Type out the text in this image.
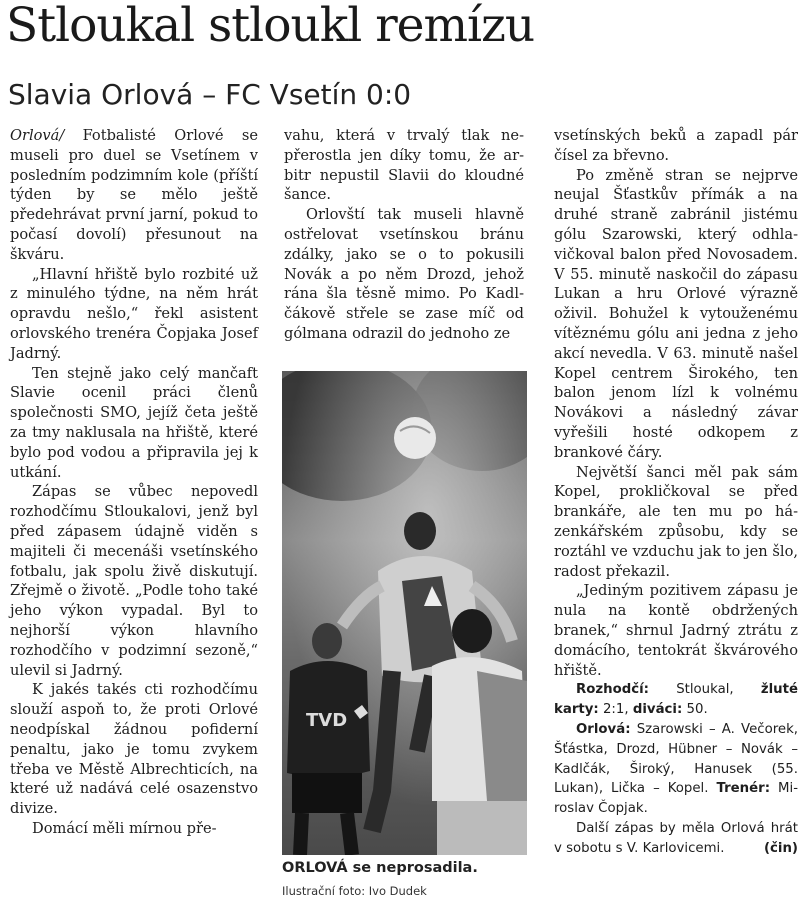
Stloukal stloukl remízu
Slavia Orlová – FC Vsetín 0:0

Orlová/ Fotbalisté Orlové se museli pro duel se Vsetínem v posledním podzimním kole (příští týden by se mělo ještě předehrávat první jarní, pokud to počasí dovolí) přesunout na škváru.

„Hlavní hřiště bylo rozbité už z minulého týdne, na něm hrát opravdu nešlo,“ řekl asistent orlovského trenéra Čopjaka Josef Jadrný.

Ten stejně jako celý mančaft Slavie ocenil práci členů společnosti SMO, jejíž četa ještě za tmy naklusala na hřiště, které bylo pod vodou a připravila jej k utkání.

Zápas se vůbec nepovedl rozhodčímu Stloukalovi, jenž byl před zápasem údajně viděn s majiteli či mecenáši vsetínského fotbalu, jak spolu živě diskutují. Zřejmě o životě. „Podle toho také jeho výkon vypadal. Byl to nejhorší výkon hlavního rozhodčího v podzimní sezoně,“ ulevil si Jadrný.

K jakés takés cti rozhodčímu slouží aspoň to, že proti Orlové neodpískal žádnou pofiderní penaltu, jako je tomu zvykem třeba ve Městě Albrechticích, na které už nadává celé osazenstvo divize.

Domácí měli mírnou pře-

vahu, která v trvalý tlak nepřerostla jen díky tomu, že arbitr nepustil Slavii do kloudné šance.

Orlovští tak museli hlavně ostřelovat vsetínskou bránu zdálky, jako se o to pokusili Novák a po něm Drozd, jehož rána šla těsně mimo. Po Kadlčákově střele se zase míč od gólmana odrazil do jednoho ze

TVD
ORLOVÁ se neprosadila.
Ilustrační foto: Ivo Dudek

vsetínských beků a zapadl pár čísel za břevno.

Po změně stran se nejprve neujal Šťastkův přímák a na druhé straně zabránil jistému gólu Szarowski, který odhlavičkoval balon před Novosadem. V 55. minutě naskočil do zápasu Lukan a hru Orlové výrazně oživil. Bohužel k vytouženému vítěznému gólu ani jedna z jeho akcí nevedla. V 63. minutě našel Kopel centrem Širokého, ten balon jenom lízl k volnému Novákovi a následný závar vyřešili hosté odkopem z brankové čáry.

Největší šanci měl pak sám Kopel, prokličkoval se před brankáře, ale ten mu po házenkářském způsobu, kdy se roztáhl ve vzduchu jak to jen šlo, radost překazil.

„Jediným pozitivem zápasu je nula na kontě obdržených branek,“ shrnul Jadrný ztrátu z domácího, tentokrát škvárového hřiště.

Rozhodčí: Stloukal, žluté karty: 2:1, diváci: 50.

Orlová: Szarowski – A. Večorek, Šťástka, Drozd, Hübner – Novák – Kadlčák, Široký, Hanusek (55. Lukan), Lička – Kopel. Trenér: Miroslav Čopjak.

Další zápas by měla Orlová hrát v sobotu s V. Karlovicemi.	(čin)
